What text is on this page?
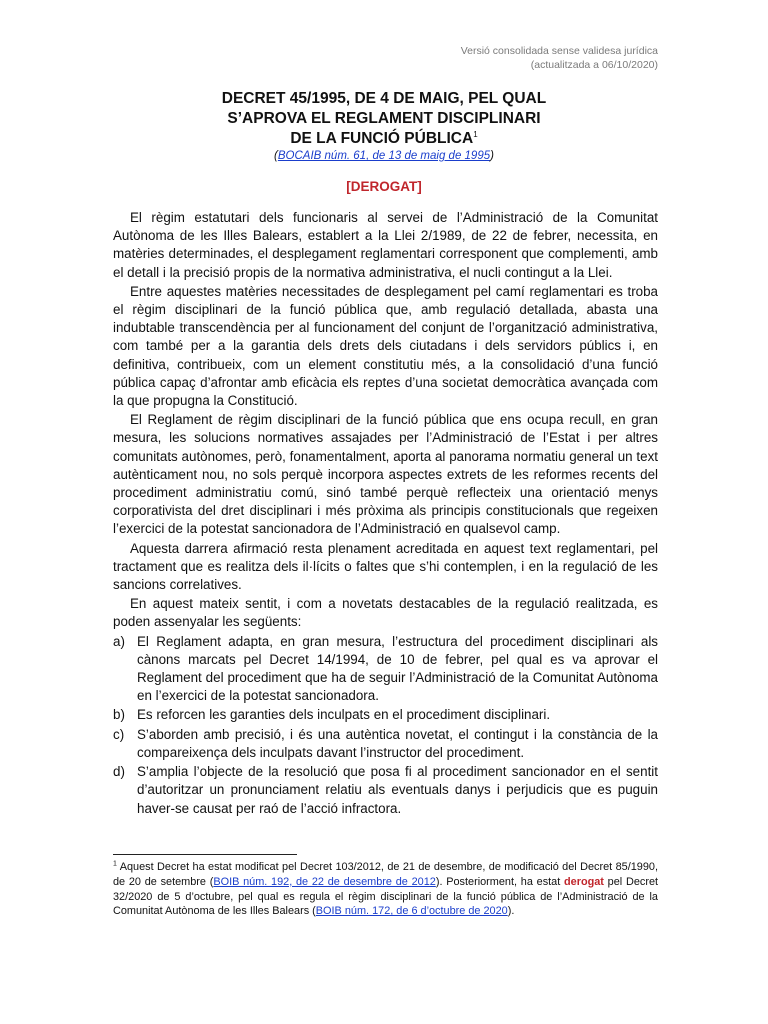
Versió consolidada sense validesa jurídica
(actualitzada a 06/10/2020)
DECRET 45/1995, DE 4 DE MAIG, PEL QUAL
S’APROVA EL REGLAMENT DISCIPLINARI
DE LA FUNCIÓ PÚBLICA$^1$
(BOCAIB núm. 61, de 13 de maig de 1995)
[DEROGAT]

El règim estatutari dels funcionaris al servei de l’Administració de la Comunitat Autònoma de les Illes Balears, establert a la Llei 2/1989, de 22 de febrer, necessita, en matèries determinades, el desplegament reglamentari corresponent que complementi, amb el detall i la precisió propis de la normativa administrativa, el nucli contingut a la Llei.

Entre aquestes matèries necessitades de desplegament pel camí reglamentari es troba el règim disciplinari de la funció pública que, amb regulació detallada, abasta una indubtable transcendència per al funcionament del conjunt de l’organització administrativa, com també per a la garantia dels drets dels ciutadans i dels servidors públics i, en definitiva, contribueix, com un element constitutiu més, a la consolidació d’una funció pública capaç d’afrontar amb eficàcia els reptes d’una societat democràtica avançada com la que propugna la Constitució.

El Reglament de règim disciplinari de la funció pública que ens ocupa recull, en gran mesura, les solucions normatives assajades per l’Administració de l’Estat i per altres comunitats autònomes, però, fonamentalment, aporta al panorama normatiu general un text autènticament nou, no sols perquè incorpora aspectes extrets de les reformes recents del procediment administratiu comú, sinó també perquè reflecteix una orientació menys corporativista del dret disciplinari i més pròxima als principis constitucionals que regeixen l’exercici de la potestat sancionadora de l’Administració en qualsevol camp.

Aquesta darrera afirmació resta plenament acreditada en aquest text reglamentari, pel tractament que es realitza dels il·lícits o faltes que s’hi contemplen, i en la regulació de les sancions correlatives.

En aquest mateix sentit, i com a novetats destacables de la regulació realitzada, es poden assenyalar les següents:

a) El Reglament adapta, en gran mesura, l’estructura del procediment disciplinari als cànons marcats pel Decret 14/1994, de 10 de febrer, pel qual es va aprovar el Reglament del procediment que ha de seguir l’Administració de la Comunitat Autònoma en l’exercici de la potestat sancionadora.
b) Es reforcen les garanties dels inculpats en el procediment disciplinari.
c) S’aborden amb precisió, i és una autèntica novetat, el contingut i la constància de la compareixença dels inculpats davant l’instructor del procediment.
d) S’amplia l’objecte de la resolució que posa fi al procediment sancionador en el sentit d’autoritzar un pronunciament relatiu als eventuals danys i perjudicis que es puguin haver-se causat per raó de l’acció infractora.
$^1$ Aquest Decret ha estat modificat pel Decret 103/2012, de 21 de desembre, de modificació del Decret 85/1990, de 20 de setembre (BOIB núm. 192, de 22 de desembre de 2012). Posteriorment, ha estat derogat pel Decret 32/2020 de 5 d’octubre, pel qual es regula el règim disciplinari de la funció pública de l’Administració de la Comunitat Autònoma de les Illes Balears (BOIB núm. 172, de 6 d’octubre de 2020).
